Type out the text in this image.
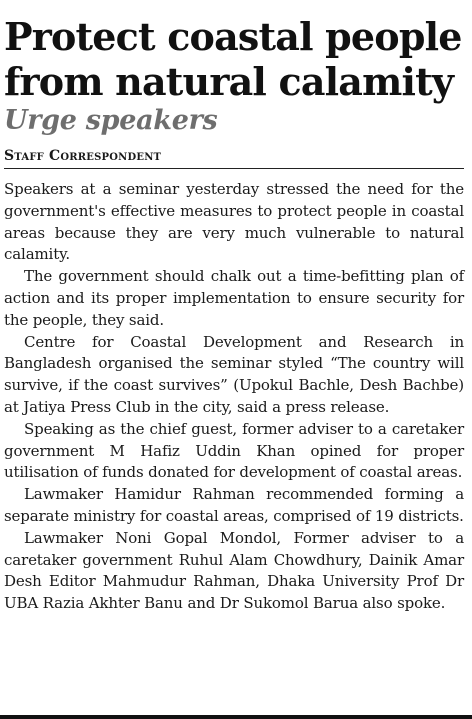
Protect coastal people
from natural calamity
Urge speakers
Staff Correspondent

Speakers at a seminar yesterday stressed the need for the government's effective measures to protect people in coastal areas because they are very much vulnerable to natural calamity.

The government should chalk out a time-befitting plan of action and its proper implementation to ensure security for the people, they said.

Centre for Coastal Development and Research in Bangladesh organised the seminar styled “The country will survive, if the coast survives” (Upokul Bachle, Desh Bachbe) at Jatiya Press Club in the city, said a press release.

Speaking as the chief guest, former adviser to a caretaker government M Hafiz Uddin Khan opined for proper utilisation of funds donated for development of coastal areas.

Lawmaker Hamidur Rahman recommended forming a separate ministry for coastal areas, comprised of 19 districts.

Lawmaker Noni Gopal Mondol, Former adviser to a caretaker government Ruhul Alam Chowdhury, Dainik Amar Desh Editor Mahmudur Rahman, Dhaka University Prof Dr UBA Razia Akhter Banu and Dr Sukomol Barua also spoke.
